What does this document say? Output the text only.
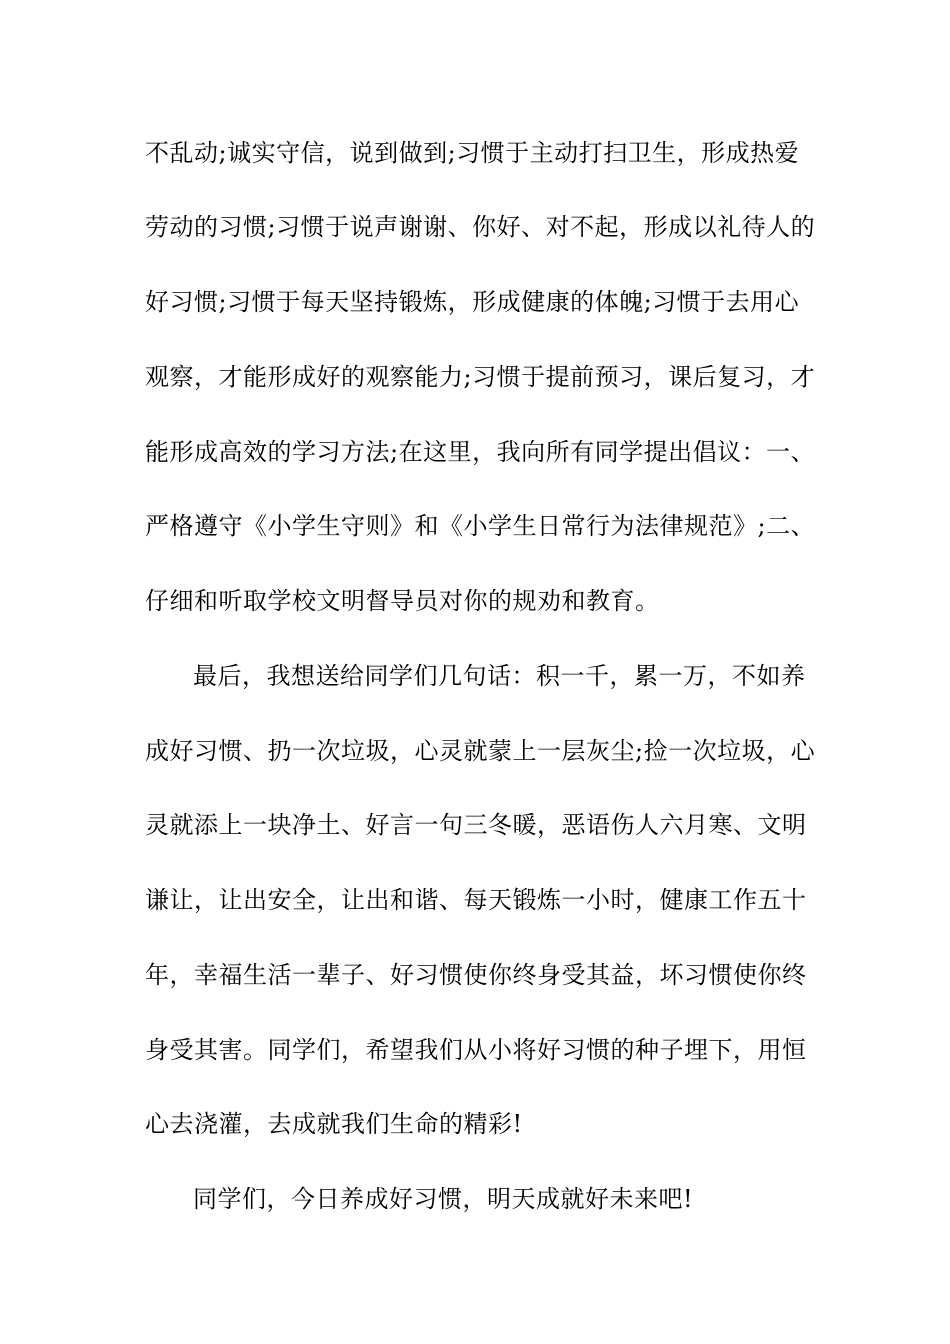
不乱动;诚实守信，说到做到;习惯于主动打扫卫生，形成热爱
劳动的习惯;习惯于说声谢谢、你好、对不起，形成以礼待人的
好习惯;习惯于每天坚持锻炼，形成健康的体魄;习惯于去用心
观察，才能形成好的观察能力;习惯于提前预习，课后复习，才
能形成高效的学习方法;在这里，我向所有同学提出倡议：一、
严格遵守《小学生守则》和《小学生日常行为法律规范》;二、
仔细和听取学校文明督导员对你的规劝和教育。
最后，我想送给同学们几句话：积一千，累一万，不如养
成好习惯、扔一次垃圾，心灵就蒙上一层灰尘;捡一次垃圾，心
灵就添上一块净土、好言一句三冬暖，恶语伤人六月寒、文明
谦让，让出安全，让出和谐、每天锻炼一小时，健康工作五十
年，幸福生活一辈子、好习惯使你终身受其益，坏习惯使你终
身受其害。同学们，希望我们从小将好习惯的种子埋下，用恒
心去浇灌，去成就我们生命的精彩!
同学们，今日养成好习惯，明天成就好未来吧!
